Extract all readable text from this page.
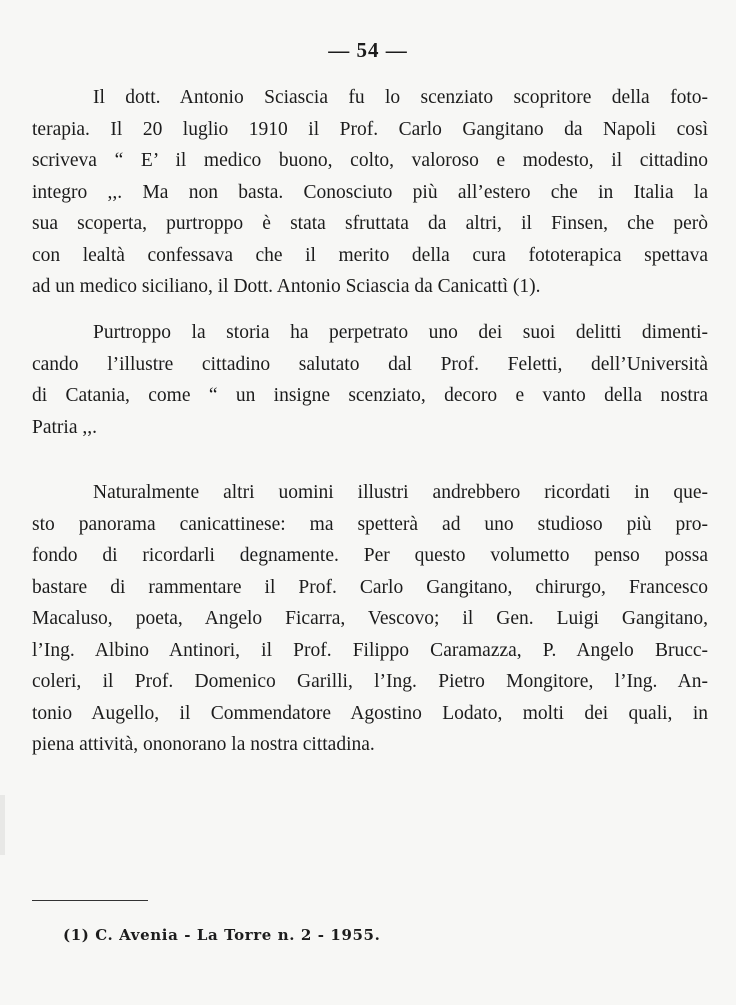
— 54 —
Il dott. Antonio Sciascia fu lo scenziato scopritore della foto-
terapia. Il 20 luglio 1910 il Prof. Carlo Gangitano da Napoli così
scriveva “ E’ il medico buono, colto, valoroso e modesto, il cittadino
integro ,,. Ma non basta. Conosciuto più all’estero che in Italia la
sua scoperta, purtroppo è stata sfruttata da altri, il Finsen, che però
con lealtà confessava che il merito della cura fototerapica spettava
ad un medico siciliano, il Dott. Antonio Sciascia da Canicattì (1).
Purtroppo la storia ha perpetrato uno dei suoi delitti dimenti-
cando l’illustre cittadino salutato dal Prof. Feletti, dell’Università
di Catania, come “ un insigne scenziato, decoro e vanto della nostra
Patria ,,.
Naturalmente altri uomini illustri andrebbero ricordati in que-
sto panorama canicattinese: ma spetterà ad uno studioso più pro-
fondo di ricordarli degnamente. Per questo volumetto penso possa
bastare di rammentare il Prof. Carlo Gangitano, chirurgo, Francesco
Macaluso, poeta, Angelo Ficarra, Vescovo; il Gen. Luigi Gangitano,
l’Ing. Albino Antinori, il Prof. Filippo Caramazza, P. Angelo Brucc-
coleri, il Prof. Domenico Garilli, l’Ing. Pietro Mongitore, l’Ing. An-
tonio Augello, il Commendatore Agostino Lodato, molti dei quali, in
piena attività, ononorano la nostra cittadina.
(1) C. Avenia - La Torre n. 2 - 1955.
